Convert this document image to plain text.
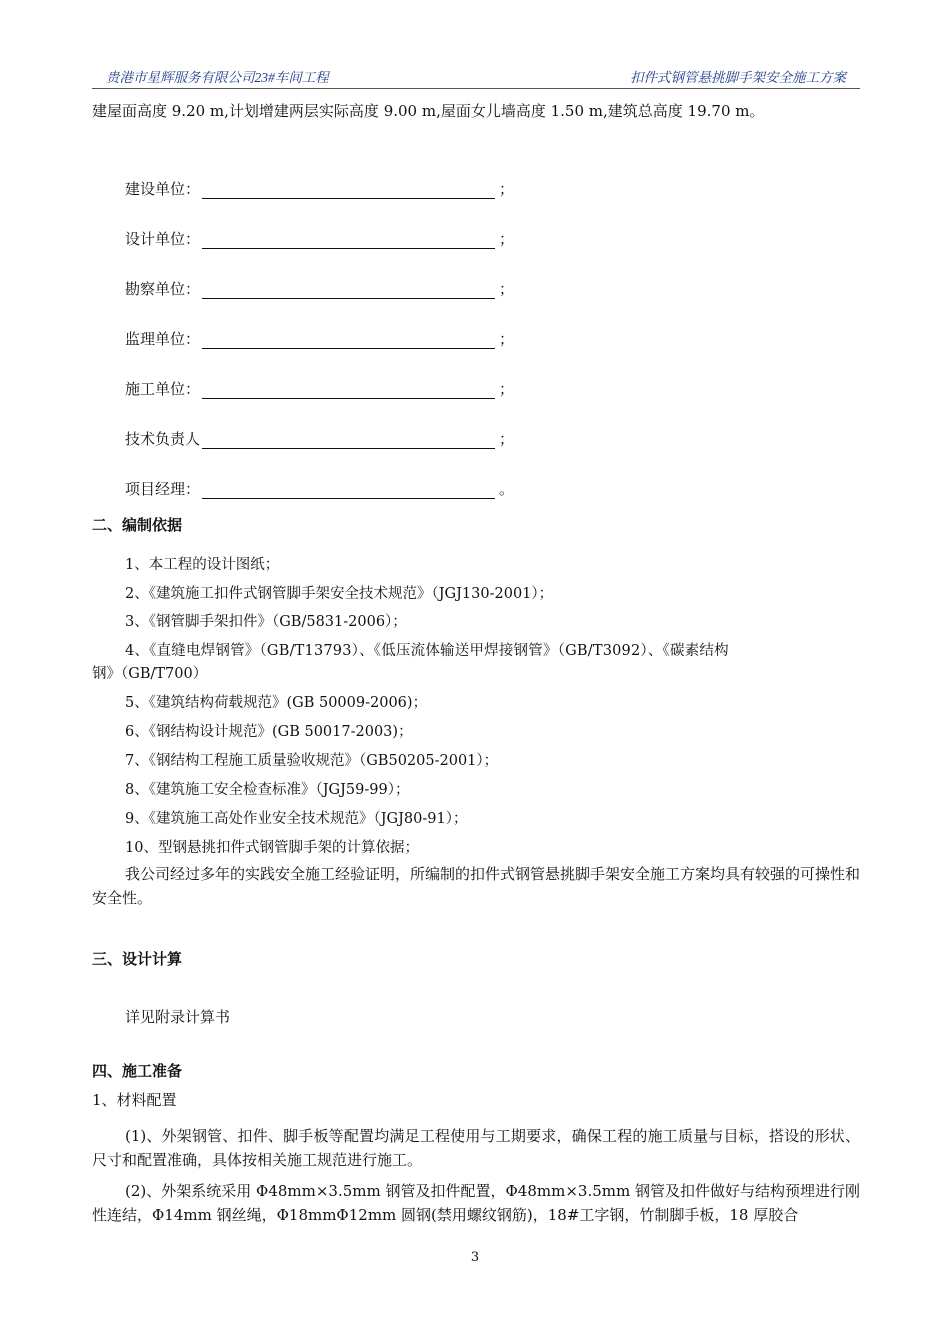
贵港市星辉服务有限公司23#车间工程	扣件式钢管悬挑脚手架安全施工方案

建屋面高度 9.20 m,计划增建两层实际高度 9.00 m,屋面女儿墙高度 1.50 m,建筑总高度 19.70 m。

建设单位：	；
设计单位：	；
勘察单位：	；
监理单位：	；
施工单位：	；
技术负责人	；
项目经理：	。
二、编制依据
1、本工程的设计图纸；
2、《建筑施工扣件式钢管脚手架安全技术规范》（JGJ130-2001）；
3、《钢管脚手架扣件》（GB/5831-2006）；
4、《直缝电焊钢管》（GB/T13793）、《低压流体输送甲焊接钢管》（GB/T3092）、《碳素结构
钢》（GB/T700）
5、《建筑结构荷载规范》(GB 50009-2006)；
6、《钢结构设计规范》(GB 50017-2003)；
7、《钢结构工程施工质量验收规范》（GB50205-2001）；
8、《建筑施工安全检查标准》（JGJ59-99）；
9、《建筑施工高处作业安全技术规范》（JGJ80-91）；
10、型钢悬挑扣件式钢管脚手架的计算依据；
我公司经过多年的实践安全施工经验证明，所编制的扣件式钢管悬挑脚手架安全施工方案均具有较强的可操性和安全性。
三、设计计算
详见附录计算书
四、施工准备
1、材料配置
(1)、外架钢管、扣件、脚手板等配置均满足工程使用与工期要求，确保工程的施工质量与目标，搭设的形状、尺寸和配置准确，具体按相关施工规范进行施工。
(2)、外架系统采用 Φ48mm×3.5mm 钢管及扣件配置，Φ48mm×3.5mm 钢管及扣件做好与结构预埋进行刚性连结，Φ14mm 钢丝绳，Φ18mmΦ12mm 圆钢(禁用螺纹钢筋)，18#工字钢，竹制脚手板，18 厚胶合
3
